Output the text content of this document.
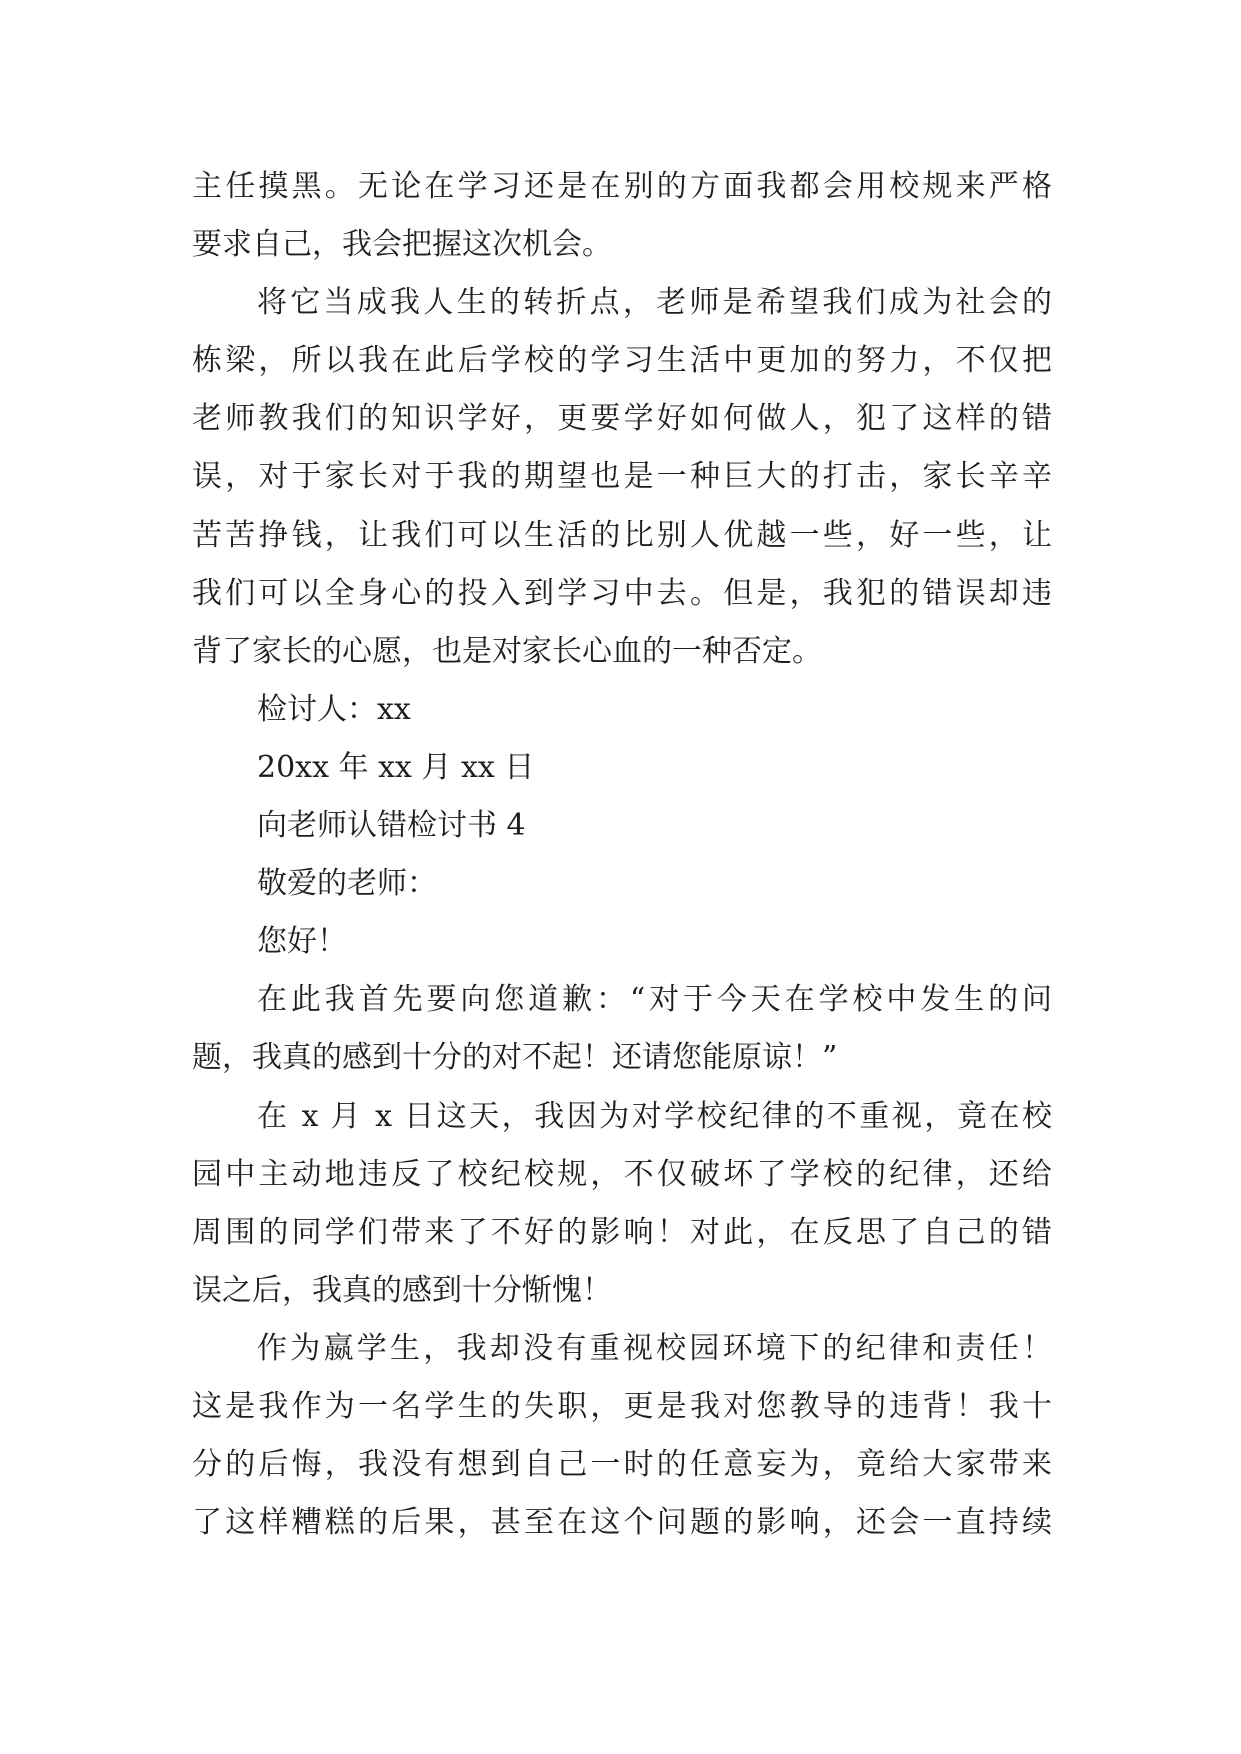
主任摸黑。无论在学习还是在别的方面我都会用校规来严格
要求自己，我会把握这次机会。
将它当成我人生的转折点，老师是希望我们成为社会的
栋梁，所以我在此后学校的学习生活中更加的努力，不仅把
老师教我们的知识学好，更要学好如何做人，犯了这样的错
误，对于家长对于我的期望也是一种巨大的打击，家长辛辛
苦苦挣钱，让我们可以生活的比别人优越一些，好一些，让
我们可以全身心的投入到学习中去。但是，我犯的错误却违
背了家长的心愿，也是对家长心血的一种否定。
检讨人：xx
20xx 年 xx 月 xx 日
向老师认错检讨书 4
敬爱的老师：
您好！
在此我首先要向您道歉：“对于今天在学校中发生的问
题，我真的感到十分的对不起！还请您能原谅！”
在 x 月 x 日这天，我因为对学校纪律的不重视，竟在校
园中主动地违反了校纪校规，不仅破坏了学校的纪律，还给
周围的同学们带来了不好的影响！对此，在反思了自己的错
误之后，我真的感到十分惭愧！
作为嬴学生，我却没有重视校园环境下的纪律和责任！
这是我作为一名学生的失职，更是我对您教导的违背！我十
分的后悔，我没有想到自己一时的任意妄为，竟给大家带来
了这样糟糕的后果，甚至在这个问题的影响，还会一直持续
